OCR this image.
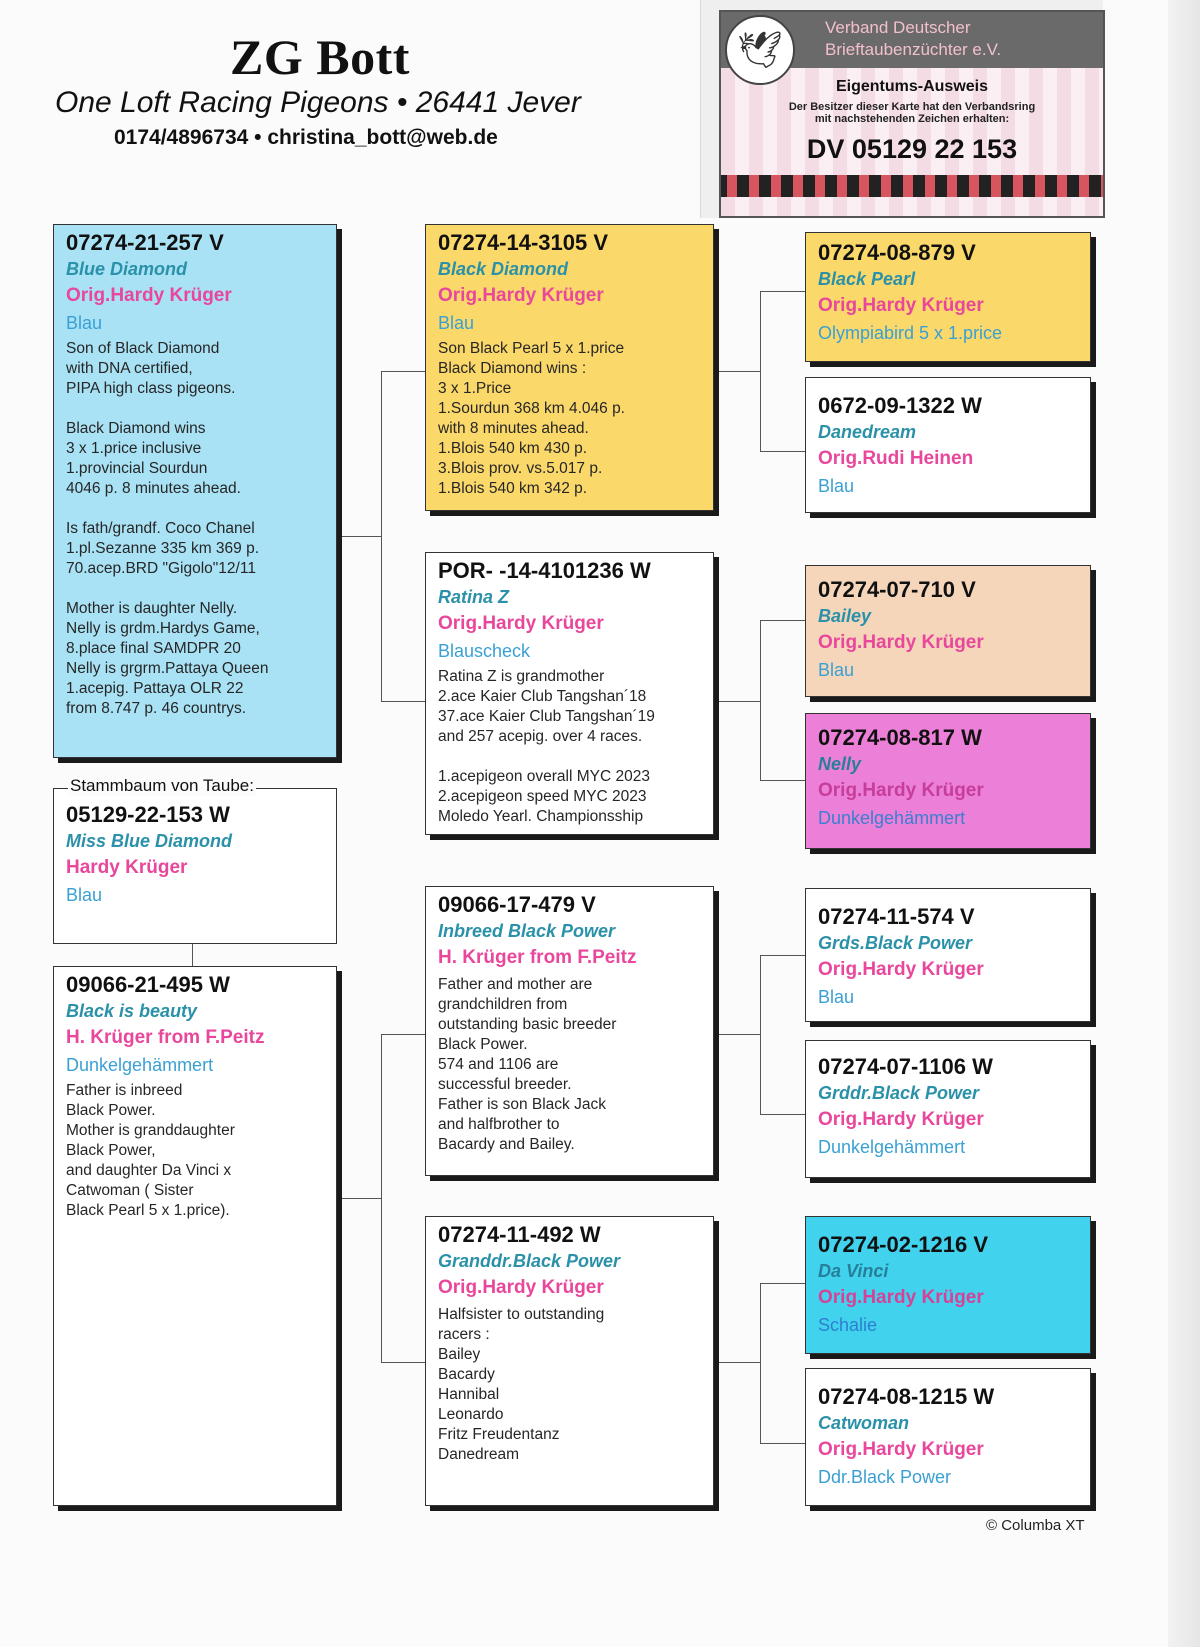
ZG Bott
One Loft Racing Pigeons • 26441 Jever
0174/4896734 • christina_bott@web.de
🕊
Verband Deutscher
Brieftaubenzüchter e.V.
Eigentums-Ausweis
Der Besitzer dieser Karte hat den Verbandsring
mit nachstehenden Zeichen erhalten:
DV 05129 22 153
07274-21-257 V
Blue Diamond
Orig.Hardy Krüger
Blau
Son of Black Diamond
with DNA certified,
PIPA high class pigeons.

Black Diamond wins
3 x 1.price inclusive
1.provincial Sourdun
4046 p. 8 minutes ahead.

Is fath/grandf. Coco Chanel
1.pl.Sezanne 335 km 369 p.
70.acep.BRD "Gigolo"12/11

Mother is daughter Nelly.
Nelly is grdm.Hardys Game,
8.place final SAMDPR 20
Nelly is grgrm.Pattaya Queen
1.acepig. Pattaya OLR 22
from 8.747 p. 46 countrys.
05129-22-153 W
Miss Blue Diamond
Hardy Krüger
Blau
Stammbaum von Taube:
09066-21-495 W
Black is beauty
H. Krüger from F.Peitz
Dunkelgehämmert
Father is inbreed
Black Power.
Mother is granddaughter
Black Power,
and daughter Da Vinci x
Catwoman ( Sister
Black Pearl 5 x 1.price).
07274-14-3105 V
Black Diamond
Orig.Hardy Krüger
Blau
Son Black Pearl 5 x 1.price
Black Diamond wins :
3 x 1.Price
1.Sourdun 368 km 4.046 p.
with 8 minutes ahead.
1.Blois 540 km 430 p.
3.Blois prov. vs.5.017 p.
1.Blois 540 km 342 p.
POR- -14-4101236 W
Ratina Z
Orig.Hardy Krüger
Blauscheck
Ratina Z is grandmother
2.ace Kaier Club Tangshan´18
37.ace Kaier Club Tangshan´19
and 257 acepig. over 4 races.

1.acepigeon overall MYC 2023
2.acepigeon speed MYC 2023
Moledo Yearl. Championsship
09066-17-479 V
Inbreed Black Power
H. Krüger from F.Peitz
Father and mother are
grandchildren from
outstanding basic breeder
Black Power.
574 and 1106 are
successful breeder.
Father is son Black Jack
and halfbrother to
Bacardy and Bailey.
07274-11-492 W
Granddr.Black Power
Orig.Hardy Krüger
Halfsister to outstanding
racers :
Bailey
Bacardy
Hannibal
Leonardo
Fritz Freudentanz
Danedream
07274-08-879 V
Black Pearl
Orig.Hardy Krüger
Olympiabird 5 x 1.price
0672-09-1322 W
Danedream
Orig.Rudi Heinen
Blau
07274-07-710 V
Bailey
Orig.Hardy Krüger
Blau
07274-08-817 W
Nelly
Orig.Hardy Krüger
Dunkelgehämmert
07274-11-574 V
Grds.Black Power
Orig.Hardy Krüger
Blau
07274-07-1106 W
Grddr.Black Power
Orig.Hardy Krüger
Dunkelgehämmert
07274-02-1216 V
Da Vinci
Orig.Hardy Krüger
Schalie
07274-08-1215 W
Catwoman
Orig.Hardy Krüger
Ddr.Black Power
© Columba XT
